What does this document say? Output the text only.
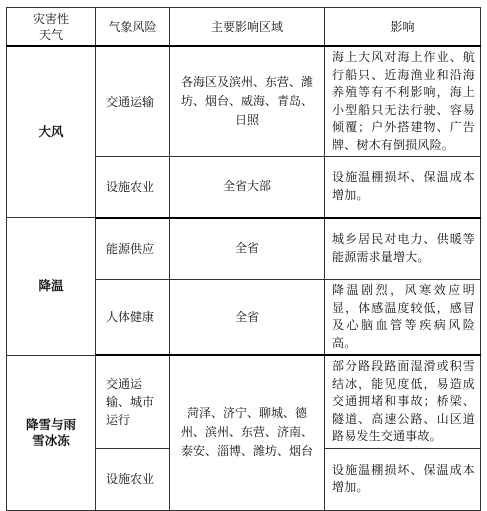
灾害性天气	气象风险	主要影响区域	影响
大风	交通运输	各海区及滨州、东营、潍坊、烟台、威海、青岛、日照	海上大风对海上作业、航行船只、近海渔业和沿海养殖等有不利影响，海上小型船只无法行驶、容易倾覆；户外搭建物、广告牌、树木有倒损风险。
	设施农业	全省大部	设施温棚损坏、保温成本增加。
降温	能源供应	全省	城乡居民对电力、供暖等能源需求量增大。
	人体健康	全省	降温剧烈，风寒效应明显，体感温度较低，感冒及心脑血管等疾病风险高。
降雪与雨雪冰冻	交通运输、城市运行	菏泽、济宁、聊城、德州、滨州、东营、济南、泰安、淄博、潍坊、烟台	部分路段路面湿滑或积雪结冰，能见度低，易造成交通拥堵和事故；桥梁、隧道、高速公路、山区道路易发生交通事故。
	设施农业		设施温棚损坏、保温成本增加。
